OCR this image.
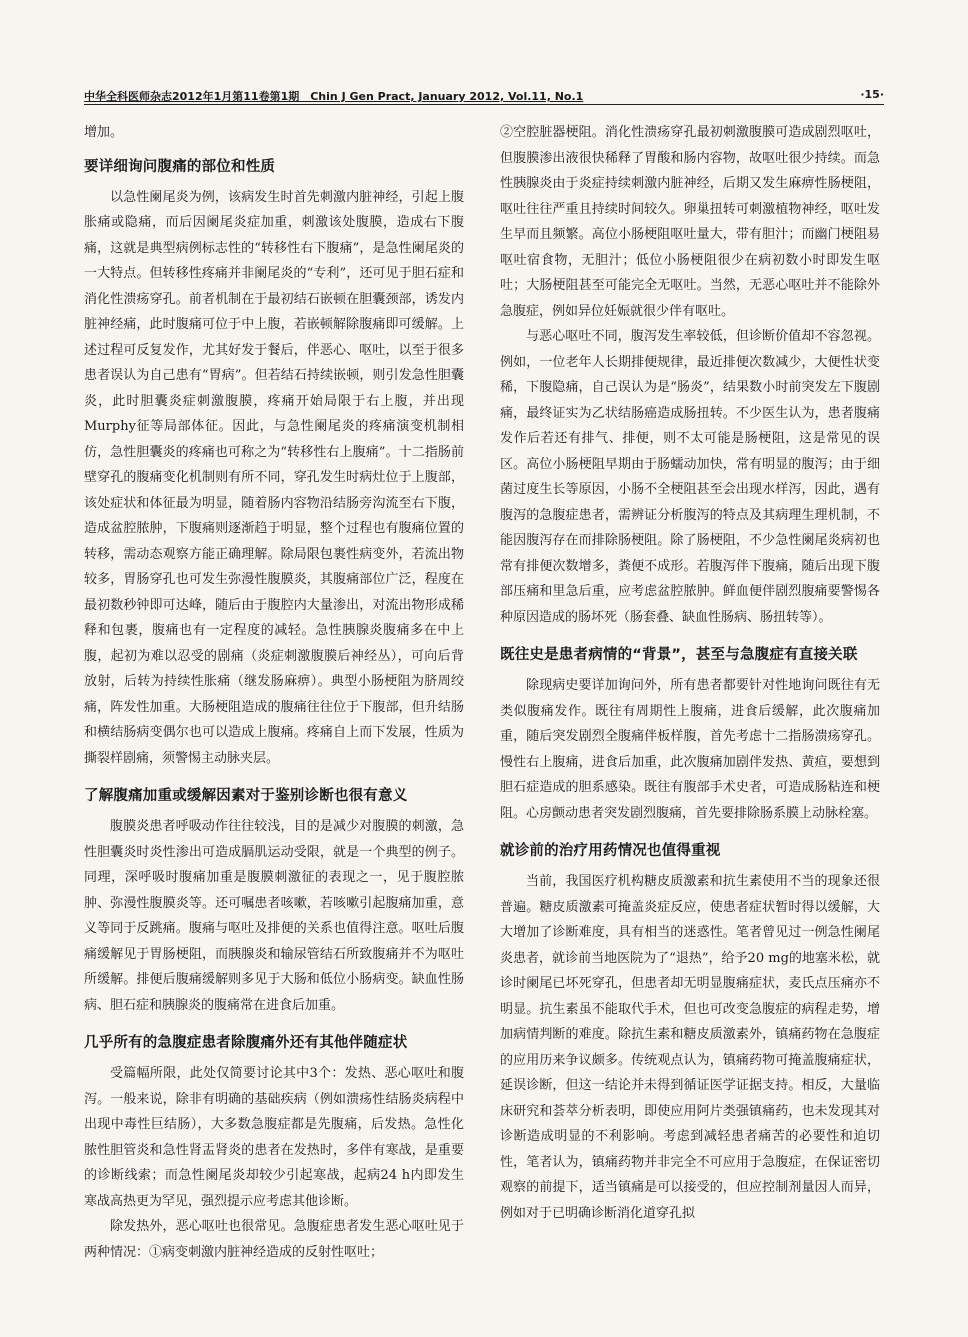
中华全科医师杂志2012年1月第11卷第1期　Chin J Gen Pract, January 2012, Vol.11, No.1	·15·

增加。

要详细询问腹痛的部位和性质

以急性阑尾炎为例，该病发生时首先刺激内脏神经，引起上腹胀痛或隐痛，而后因阑尾炎症加重，刺激该处腹膜，造成右下腹痛，这就是典型病例标志性的“转移性右下腹痛”，是急性阑尾炎的一大特点。但转移性疼痛并非阑尾炎的“专利”，还可见于胆石症和消化性溃疡穿孔。前者机制在于最初结石嵌顿在胆囊颈部，诱发内脏神经痛，此时腹痛可位于中上腹，若嵌顿解除腹痛即可缓解。上述过程可反复发作，尤其好发于餐后，伴恶心、呕吐，以至于很多患者误认为自己患有“胃病”。但若结石持续嵌顿，则引发急性胆囊炎，此时胆囊炎症刺激腹膜，疼痛开始局限于右上腹，并出现Murphy征等局部体征。因此，与急性阑尾炎的疼痛演变机制相仿，急性胆囊炎的疼痛也可称之为“转移性右上腹痛”。十二指肠前壁穿孔的腹痛变化机制则有所不同，穿孔发生时病灶位于上腹部，该处症状和体征最为明显，随着肠内容物沿结肠旁沟流至右下腹，造成盆腔脓肿，下腹痛则逐渐趋于明显，整个过程也有腹痛位置的转移，需动态观察方能正确理解。除局限包裹性病变外，若流出物较多，胃肠穿孔也可发生弥漫性腹膜炎，其腹痛部位广泛，程度在最初数秒钟即可达峰，随后由于腹腔内大量渗出，对流出物形成稀释和包裹，腹痛也有一定程度的减轻。急性胰腺炎腹痛多在中上腹，起初为难以忍受的剧痛（炎症刺激腹膜后神经丛），可向后背放射，后转为持续性胀痛（继发肠麻痹）。典型小肠梗阻为脐周绞痛，阵发性加重。大肠梗阻造成的腹痛往往位于下腹部，但升结肠和横结肠病变偶尔也可以造成上腹痛。疼痛自上而下发展，性质为撕裂样剧痛，须警惕主动脉夹层。

了解腹痛加重或缓解因素对于鉴别诊断也很有意义

腹膜炎患者呼吸动作往往较浅，目的是减少对腹膜的刺激，急性胆囊炎时炎性渗出可造成膈肌运动受限，就是一个典型的例子。同理，深呼吸时腹痛加重是腹膜刺激征的表现之一，见于腹腔脓肿、弥漫性腹膜炎等。还可嘱患者咳嗽，若咳嗽引起腹痛加重，意义等同于反跳痛。腹痛与呕吐及排便的关系也值得注意。呕吐后腹痛缓解见于胃肠梗阻，而胰腺炎和输尿管结石所致腹痛并不为呕吐所缓解。排便后腹痛缓解则多见于大肠和低位小肠病变。缺血性肠病、胆石症和胰腺炎的腹痛常在进食后加重。

几乎所有的急腹症患者除腹痛外还有其他伴随症状

受篇幅所限，此处仅简要讨论其中3个：发热、恶心呕吐和腹泻。一般来说，除非有明确的基础疾病（例如溃疡性结肠炎病程中出现中毒性巨结肠），大多数急腹症都是先腹痛，后发热。急性化脓性胆管炎和急性肾盂肾炎的患者在发热时，多伴有寒战，是重要的诊断线索；而急性阑尾炎却较少引起寒战，起病24 h内即发生寒战高热更为罕见，强烈提示应考虑其他诊断。

除发热外，恶心呕吐也很常见。急腹症患者发生恶心呕吐见于两种情况：①病变刺激内脏神经造成的反射性呕吐；

②空腔脏器梗阻。消化性溃疡穿孔最初刺激腹膜可造成剧烈呕吐，但腹膜渗出液很快稀释了胃酸和肠内容物，故呕吐很少持续。而急性胰腺炎由于炎症持续刺激内脏神经，后期又发生麻痹性肠梗阻，呕吐往往严重且持续时间较久。卵巢扭转可刺激植物神经，呕吐发生早而且频繁。高位小肠梗阻呕吐量大，带有胆汁；而幽门梗阻易呕吐宿食物，无胆汁；低位小肠梗阻很少在病初数小时即发生呕吐；大肠梗阻甚至可能完全无呕吐。当然，无恶心呕吐并不能除外急腹症，例如异位妊娠就很少伴有呕吐。

与恶心呕吐不同，腹泻发生率较低，但诊断价值却不容忽视。例如，一位老年人长期排便规律，最近排便次数减少，大便性状变稀，下腹隐痛，自己误认为是“肠炎”，结果数小时前突发左下腹剧痛，最终证实为乙状结肠癌造成肠扭转。不少医生认为，患者腹痛发作后若还有排气、排便，则不太可能是肠梗阻，这是常见的误区。高位小肠梗阻早期由于肠蠕动加快，常有明显的腹泻；由于细菌过度生长等原因，小肠不全梗阻甚至会出现水样泻，因此，遇有腹泻的急腹症患者，需辨证分析腹泻的特点及其病理生理机制，不能因腹泻存在而排除肠梗阻。除了肠梗阻，不少急性阑尾炎病初也常有排便次数增多，粪便不成形。若腹泻伴下腹痛，随后出现下腹部压痛和里急后重，应考虑盆腔脓肿。鲜血便伴剧烈腹痛要警惕各种原因造成的肠坏死（肠套叠、缺血性肠病、肠扭转等）。

既往史是患者病情的“背景”，甚至与急腹症有直接关联

除现病史要详加询问外，所有患者都要针对性地询问既往有无类似腹痛发作。既往有周期性上腹痛，进食后缓解，此次腹痛加重，随后突发剧烈全腹痛伴板样腹，首先考虑十二指肠溃疡穿孔。慢性右上腹痛，进食后加重，此次腹痛加剧伴发热、黄疸，要想到胆石症造成的胆系感染。既往有腹部手术史者，可造成肠粘连和梗阻。心房颤动患者突发剧烈腹痛，首先要排除肠系膜上动脉栓塞。

就诊前的治疗用药情况也值得重视

当前，我国医疗机构糖皮质激素和抗生素使用不当的现象还很普遍。糖皮质激素可掩盖炎症反应，使患者症状暂时得以缓解，大大增加了诊断难度，具有相当的迷惑性。笔者曾见过一例急性阑尾炎患者，就诊前当地医院为了“退热”，给予20 mg的地塞米松，就诊时阑尾已坏死穿孔，但患者却无明显腹痛症状，麦氏点压痛亦不明显。抗生素虽不能取代手术，但也可改变急腹症的病程走势，增加病情判断的难度。除抗生素和糖皮质激素外，镇痛药物在急腹症的应用历来争议颇多。传统观点认为，镇痛药物可掩盖腹痛症状，延误诊断，但这一结论并未得到循证医学证据支持。相反，大量临床研究和荟萃分析表明，即使应用阿片类强镇痛药，也未发现其对诊断造成明显的不利影响。考虑到减轻患者痛苦的必要性和迫切性，笔者认为，镇痛药物并非完全不可应用于急腹症，在保证密切观察的前提下，适当镇痛是可以接受的，但应控制剂量因人而异，例如对于已明确诊断消化道穿孔拟
